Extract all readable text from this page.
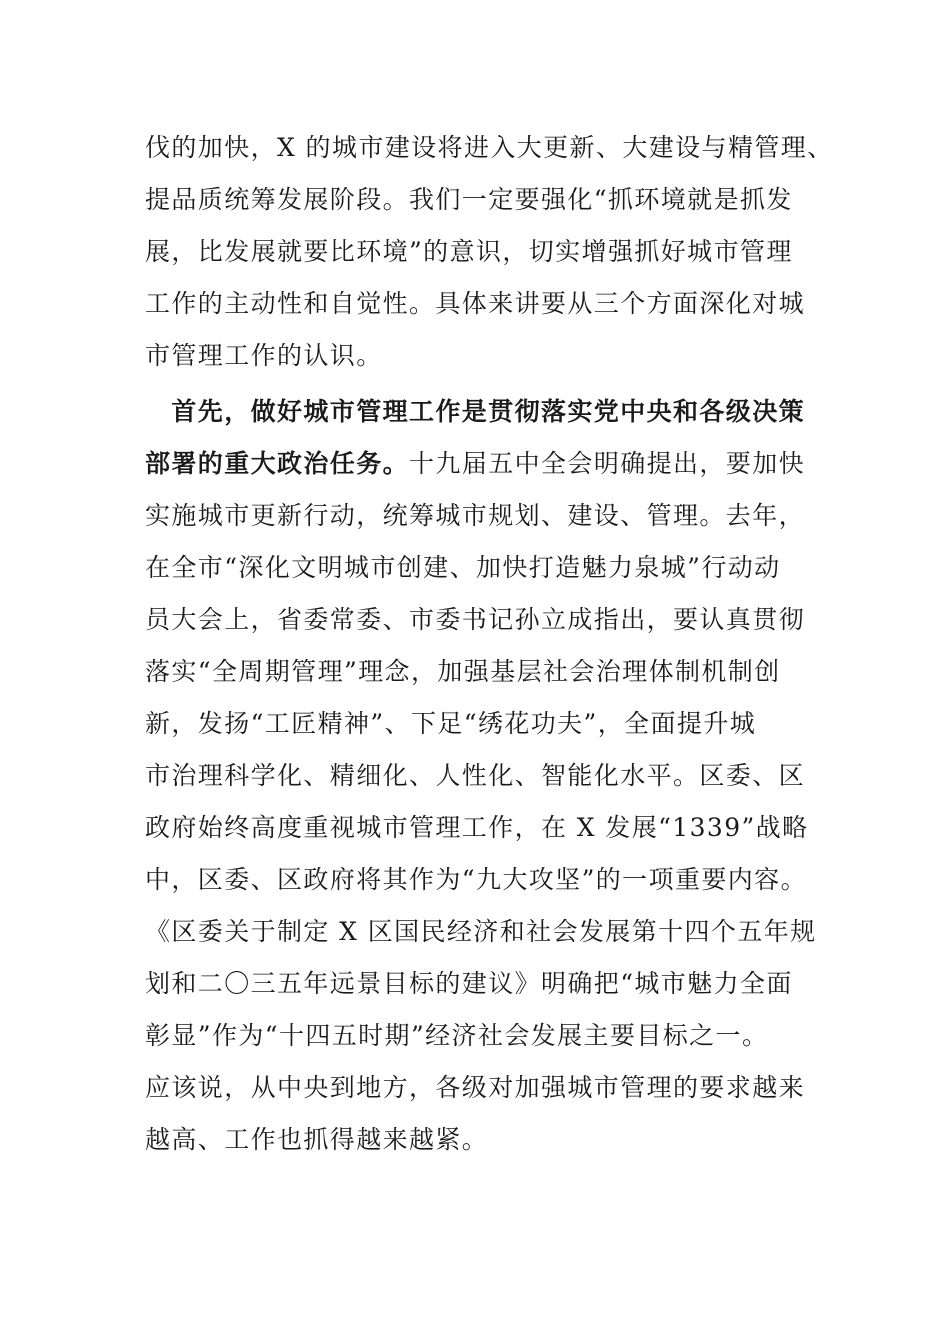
伐的加快，X 的城市建设将进入大更新、大建设与精管理、
提品质统筹发展阶段。我们一定要强化“抓环境就是抓发
展，比发展就要比环境”的意识，切实增强抓好城市管理
工作的主动性和自觉性。具体来讲要从三个方面深化对城
市管理工作的认识。
　首先，做好城市管理工作是贯彻落实党中央和各级决策
部署的重大政治任务。十九届五中全会明确提出，要加快
实施城市更新行动，统筹城市规划、建设、管理。去年，
在全市“深化文明城市创建、加快打造魅力泉城”行动动
员大会上，省委常委、市委书记孙立成指出，要认真贯彻
落实“全周期管理”理念，加强基层社会治理体制机制创
新，发扬“工匠精神”、下足“绣花功夫”，全面提升城
市治理科学化、精细化、人性化、智能化水平。区委、区
政府始终高度重视城市管理工作，在 X 发展“1339”战略
中，区委、区政府将其作为“九大攻坚”的一项重要内容。
《区委关于制定 X 区国民经济和社会发展第十四个五年规
划和二〇三五年远景目标的建议》明确把“城市魅力全面
彰显”作为“十四五时期”经济社会发展主要目标之一。
应该说，从中央到地方，各级对加强城市管理的要求越来
越高、工作也抓得越来越紧。
